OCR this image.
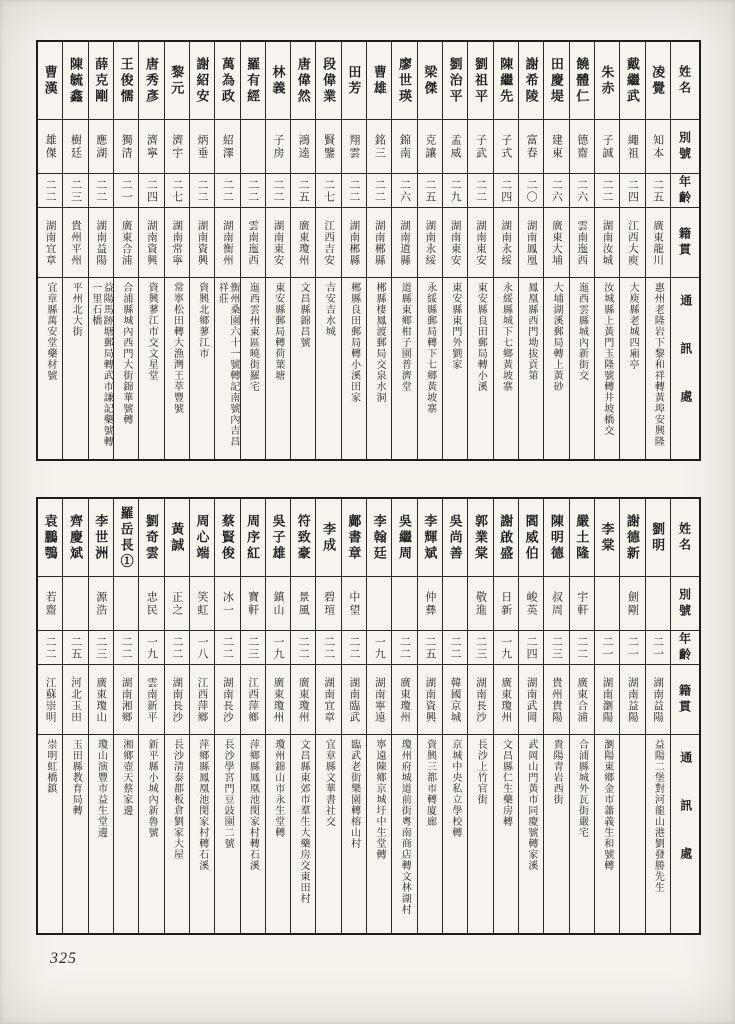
曹漢
雄傑
二二
湖南宜章
宜章縣萬安堂藥材號
陳毓鑫
樹廷
二三
貴州平州
平州北大街
薛克剛
應湖
二二
湖南益陽
益陽馬跡塘郵局轉武市謙記藥號轉一里石橋
王俊懦
獨清
二一
廣東合浦
合浦縣城內西門大街錦華號轉
唐秀彥
濟寧
二四
湖南資興
資興蓼江市交文星堂
黎元
濟宇
二七
湖南常寧
常寧松田轉大漁灣王萃豐號
謝紹安
炳垂
二二
湖南資興
資興北鄉蓼江市
萬為政
紹澤
二二
湖南衡州
衡州桑園六十一號轉記南號內吉昌祥莊
羅有經
二二
雲南迤西
迤西雲州東區曉街羅宅
林義
子房
二二
湖南東安
東安縣郵局轉荷葉塘
唐偉然
鴻逵
二五
廣東瓊州
文昌縣錦昌號
段偉業
賢鑒
二七
江西吉安
吉安吉水城
田芳
翔雲
二二
湖南郴縣
郴縣良田郵局轉小溪田家
曹雄
銘三
二二
湖南郴縣
郴縣棲鳳渡郵局交泉水洞
廖世瑛
錦南
二六
湖南道縣
道縣東鄉柑子園普濟堂
梁傑
克讓
二五
湖南永綏
永綏縣郵局轉下七鄉黃坡寨
劉治平
孟威
二九
湖南東安
東安縣東門外劉家
劉祖平
子武
二二
湖南東安
東安縣良田郵局轉小溪
陳繼先
子式
二四
湖南永綏
永綏縣城下七鄉黃坡寨
謝希陵
富春
二〇
湖南鳳凰
鳳凰縣西門坳拔貢第
田慶堤
建東
二六
廣東大埔
大埔湖溪郵局轉上黃砂
饒體仁
德齋
二六
雲南迤西
迤西雲縣城內新街交
朱赤
子誠
二二
湖南汝城
汝城縣上黃門玉隆號轉井坡橋交
戴繼武
繩祖
二四
江西大庾
大庾縣老城四廂亭
凌覺
知本
二五
廣東龍川
惠州老隆岩下黎和祥轉黃埠安興隆
姓名
別號
年齡
籍貫
通訊處
袁鵬鶚
若齋
二二
江蘇崇明
崇明虹橋鎮
齊慶斌
二五
河北玉田
玉田縣教育局轉
李世洲
源浩
二三
廣東瓊山
瓊山演豐市益生堂邊
羅岳長①
二二
湖南湘鄉
湘鄉壺天蔡家邊
劉奇雲
忠民
一九
雲南新平
新平縣小城內新魯號
黃誠
正之
二二
湖南長沙
長沙清泰都板倉劉家大屋
周心端
笑虹
一八
江西萍鄉
萍鄉縣鳳凰池閔家村轉石溪
蔡賢俊
冰一
二二
湖南長沙
長沙學宮門豆豉園二號
周序紅
寶軒
二三
江西萍鄉
萍鄉縣鳳凰池閔家村轉石溪
吳子雄
鎮山
一九
廣東瓊州
瓊州錦山市永生堂轉
符致豪
景風
二二
廣東瓊州
文昌縣東郊市羣生大藥房交東田村
李成
碧瑄
二二
湖南宜章
宜章縣文華書社交
鄺書章
中望
二二
湖南臨武
臨武老街樂園轉榕山村
李翰廷
一九
湖南寧遠
寧遠陳鄉京城圩中生堂轉
吳繼周
二二
廣東瓊州
瓊州府城道前街粵南商店轉文林湖村
李輝斌
仲彝
二五
湖南資興
資興三都市轉廈廊
吳尚善
二二
韓國京城
京城中央私立學校轉
郭業棠
敬進
二三
湖南長沙
長沙上竹官街
謝啟盛
日新
一九
廣東瓊州
文昌縣仁生藥房轉
閻威伯
峻英
二四
湖南武岡
武岡山門黃市同慶號轉家溪
陳明德
叔周
二三
貴州貴陽
貴陽青岩西街
嚴土隆
宇軒
二二
廣東合浦
合浦縣城外瓦街嚴宅
李棠
二一
湖南瀏陽
瀏陽東鄉金市蕭義生和號轉
謝德新
劍剛
二一
湖南益陽
劉明
二一
湖南益陽
益陽二堡對河龍山港劉發勝先生
姓名
別號
年齡
籍貫
通訊處
325
